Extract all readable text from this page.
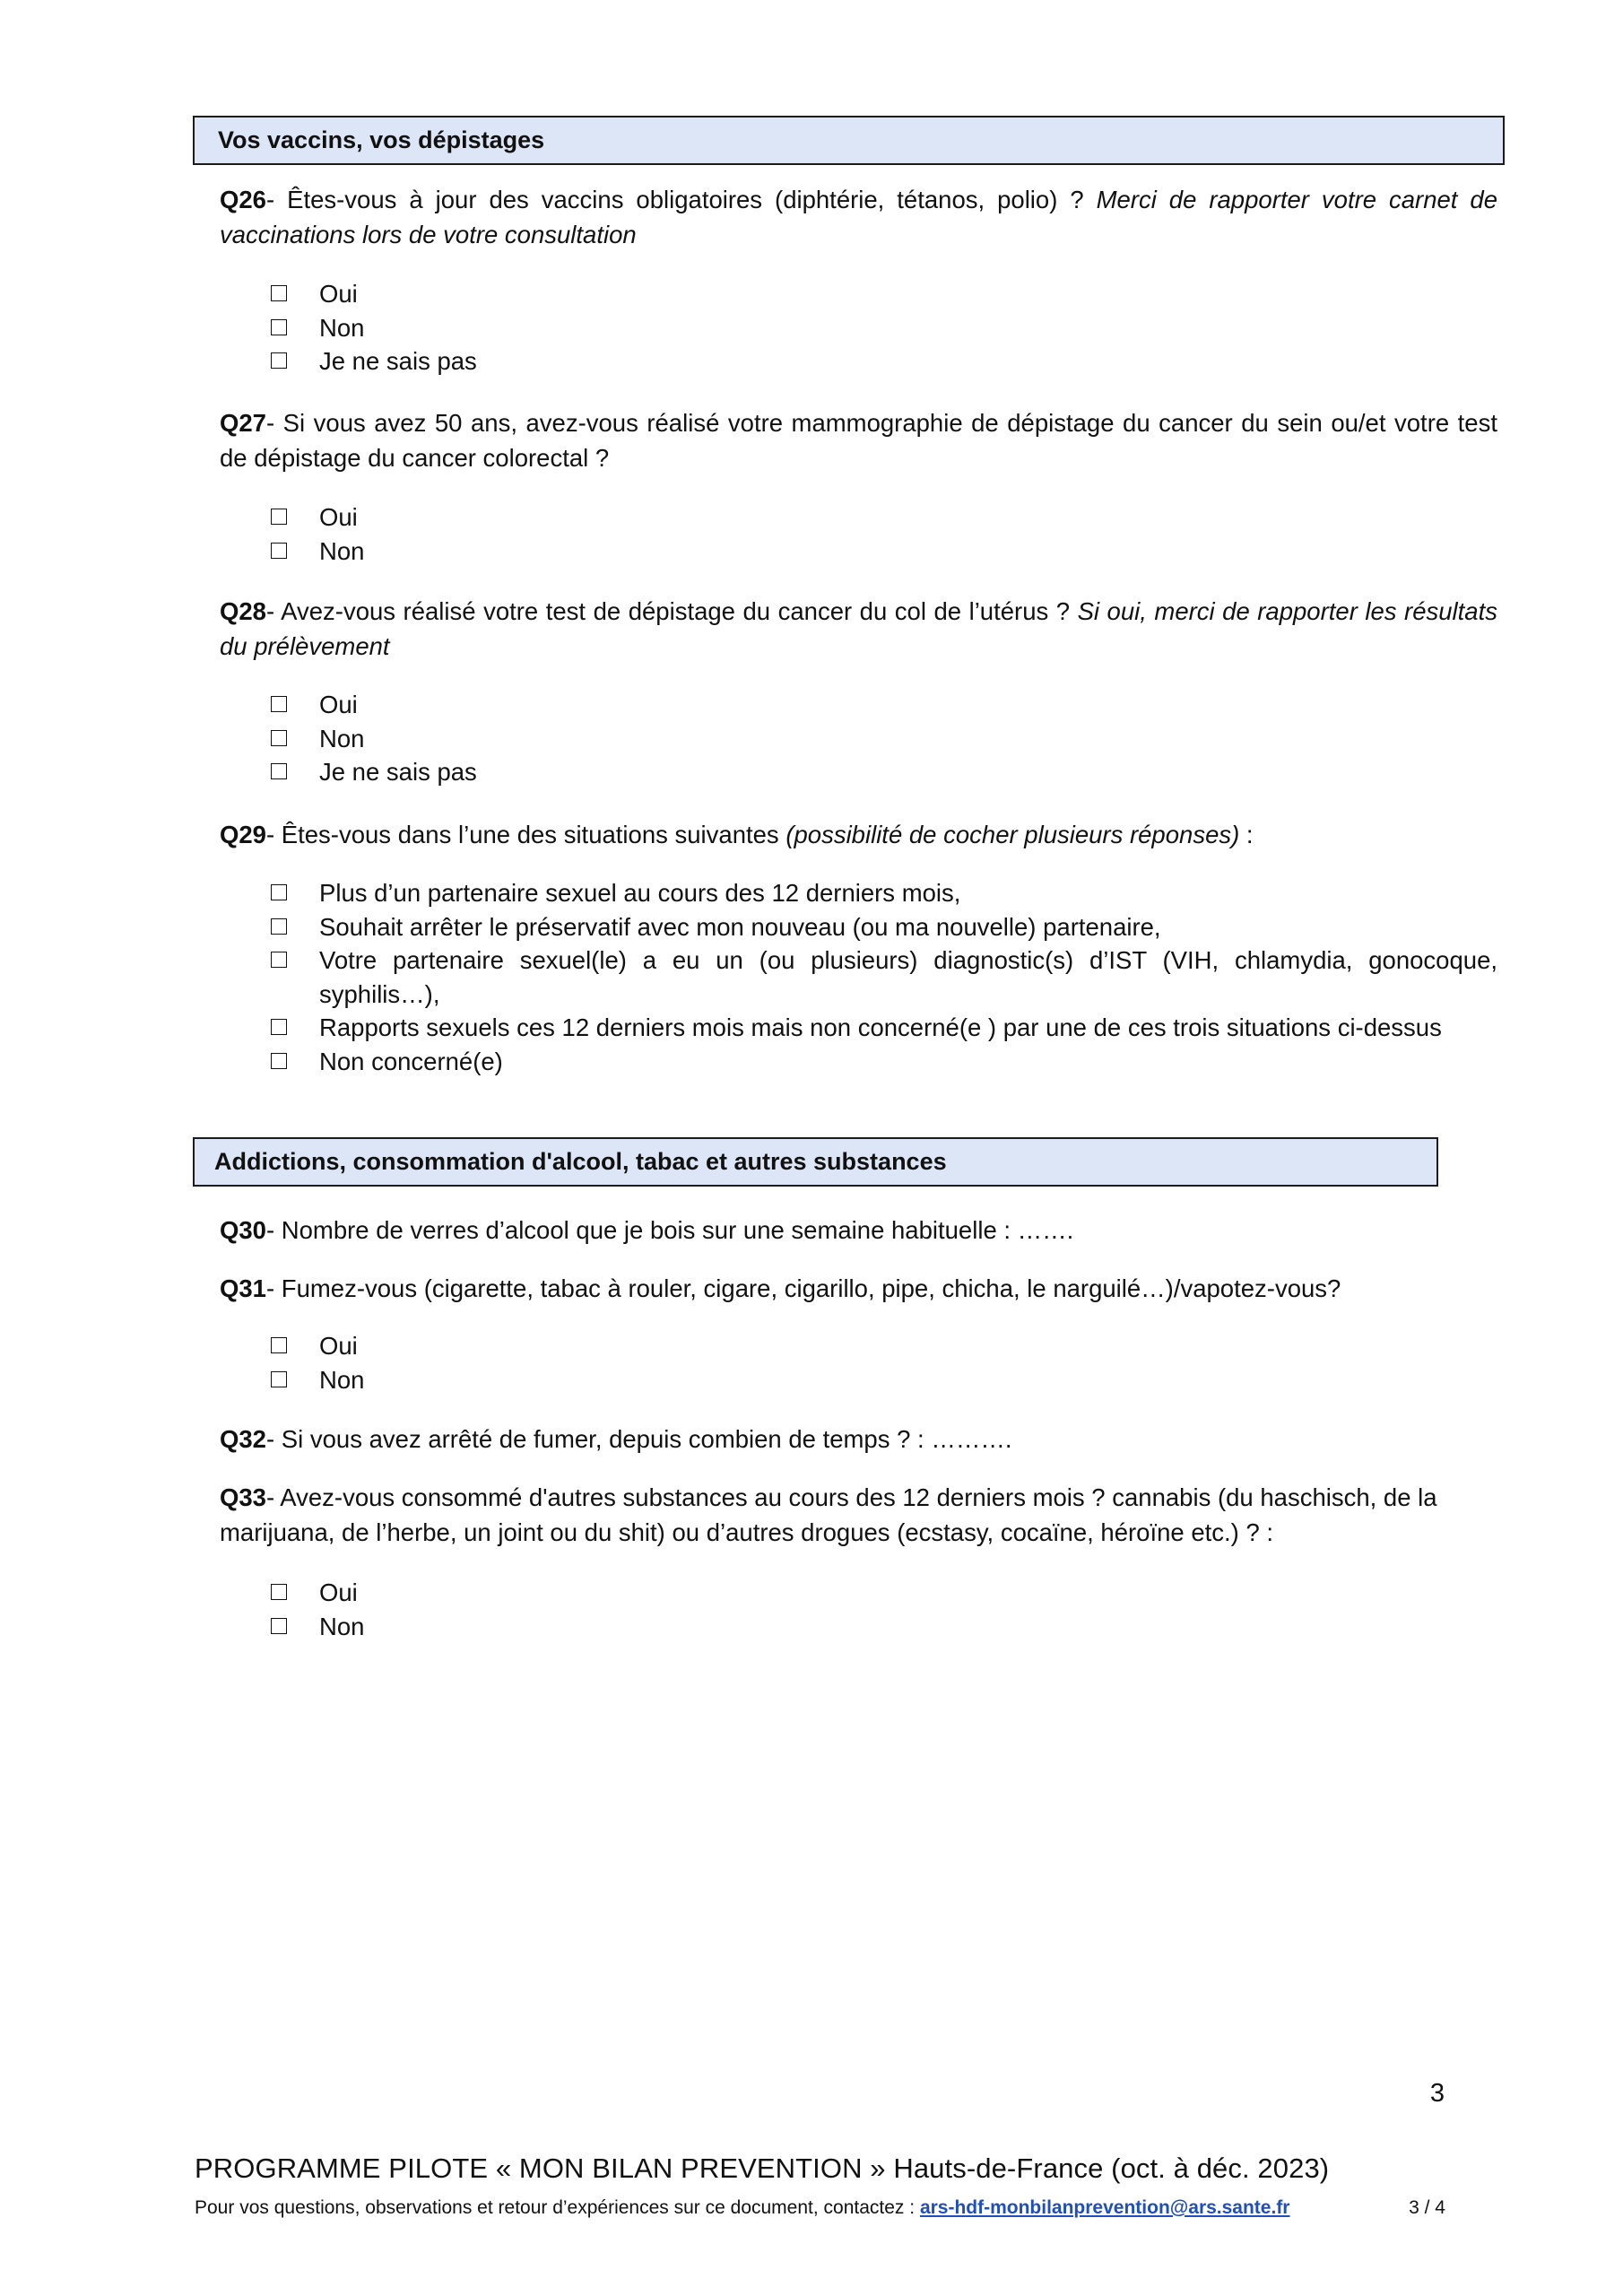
Vos vaccins, vos dépistages
Q26- Êtes-vous à jour des vaccins obligatoires (diphtérie, tétanos, polio) ? Merci de rapporter votre carnet de vaccinations lors de votre consultation
Oui
Non
Je ne sais pas
Q27- Si vous avez 50 ans, avez-vous réalisé votre mammographie de dépistage du cancer du sein ou/et votre test de dépistage du cancer colorectal ?
Oui
Non
Q28- Avez-vous réalisé votre test de dépistage du cancer du col de l’utérus ? Si oui, merci de rapporter les résultats du prélèvement
Oui
Non
Je ne sais pas
Q29- Êtes-vous dans l’une des situations suivantes (possibilité de cocher plusieurs réponses) :
Plus d’un partenaire sexuel au cours des 12 derniers mois,
Souhait arrêter le préservatif avec mon nouveau (ou ma nouvelle) partenaire,
Votre partenaire sexuel(le) a eu un (ou plusieurs) diagnostic(s) d’IST (VIH, chlamydia, gonocoque, syphilis…),
Rapports sexuels ces 12 derniers mois mais non concerné(e ) par une de ces trois situations ci-dessus
Non concerné(e)
Addictions, consommation d'alcool, tabac et autres substances
Q30- Nombre de verres d’alcool que je bois sur une semaine habituelle : …….
Q31- Fumez-vous (cigarette, tabac à rouler, cigare, cigarillo, pipe, chicha, le narguilé…)/vapotez-vous?
Oui
Non
Q32- Si vous avez arrêté de fumer, depuis combien de temps ? : ……….
Q33- Avez-vous consommé d'autres substances au cours des 12 derniers mois ? cannabis (du haschisch, de la marijuana, de l’herbe, un joint ou du shit) ou d’autres drogues (ecstasy, cocaïne, héroïne etc.) ? :
Oui
Non
3
PROGRAMME PILOTE « MON BILAN PREVENTION » Hauts-de-France (oct. à déc. 2023)
Pour vos questions, observations et retour d’expériences sur ce document, contactez : ars-hdf-monbilanprevention@ars.sante.fr	3 / 4
